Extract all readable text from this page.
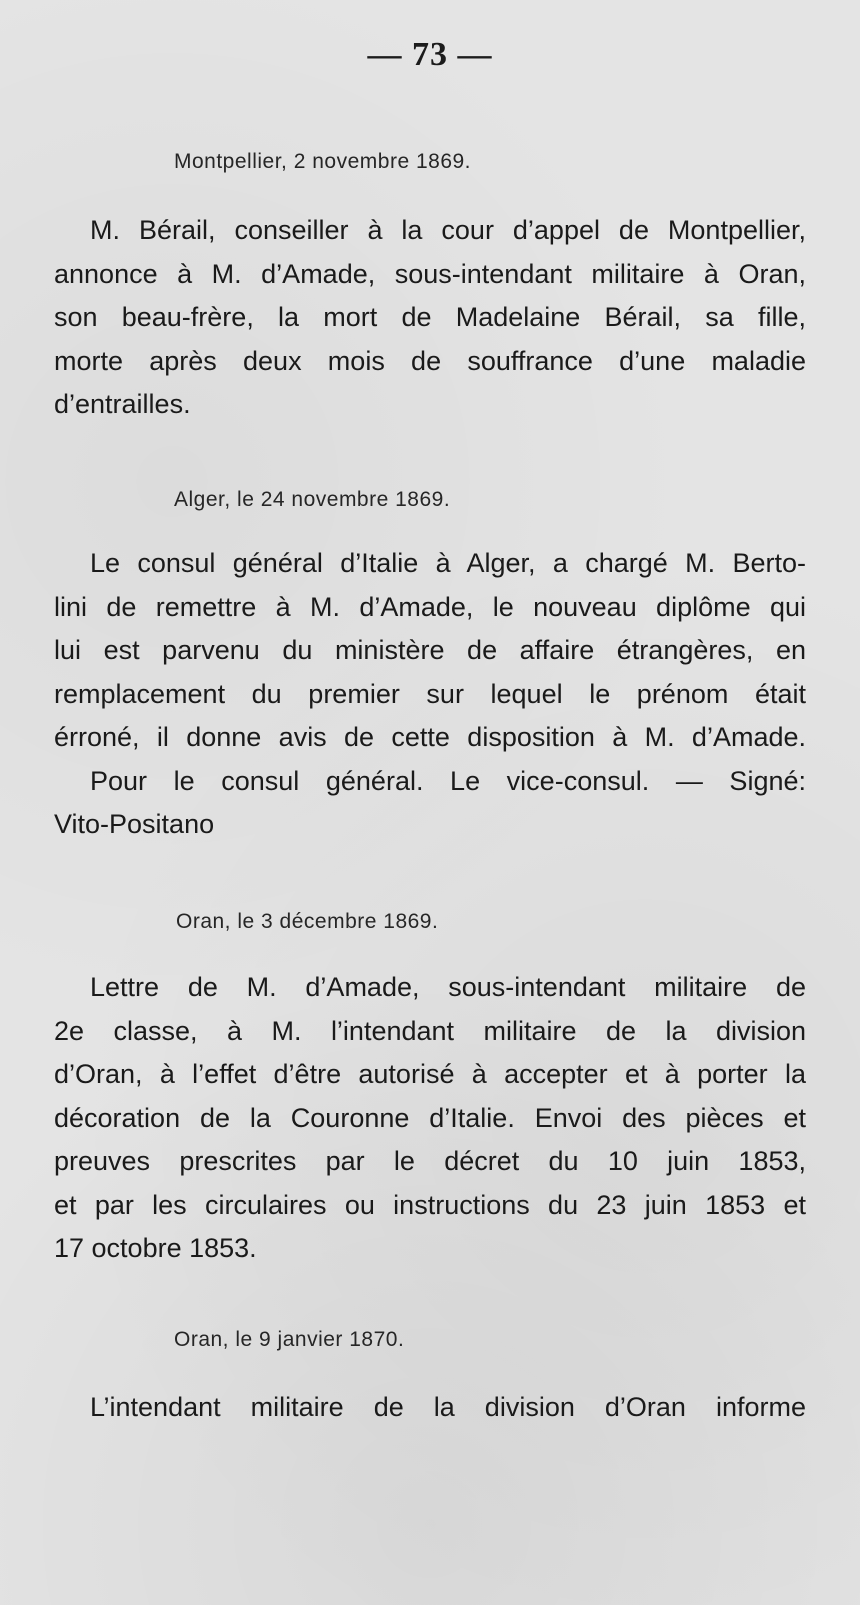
— 73 —
Montpellier, 2 novembre 1869.
M. Bérail, conseiller à la cour d’appel de Montpellier,
annonce à M. d’Amade, sous-intendant militaire à Oran,
son beau-frère, la mort de Madelaine Bérail, sa fille,
morte après deux mois de souffrance d’une maladie
d’entrailles.
Alger, le 24 novembre 1869.
Le consul général d’Italie à Alger, a chargé M. Berto-
lini de remettre à M. d’Amade, le nouveau diplôme qui
lui est parvenu du ministère de affaire étrangères, en
remplacement du premier sur lequel le prénom était
érroné, il donne avis de cette disposition à M. d’Amade.
Pour le consul général. Le vice-consul. — Signé:
Vito-Positano
Oran, le 3 décembre 1869.
Lettre de M. d’Amade, sous-intendant militaire de
2e classe, à M. l’intendant militaire de la division
d’Oran, à l’effet d’être autorisé à accepter et à porter la
décoration de la Couronne d’Italie. Envoi des pièces et
preuves prescrites par le décret du 10 juin 1853,
et par les circulaires ou instructions du 23 juin 1853 et
17 octobre 1853.
Oran, le 9 janvier 1870.
L’intendant militaire de la division d’Oran informe
